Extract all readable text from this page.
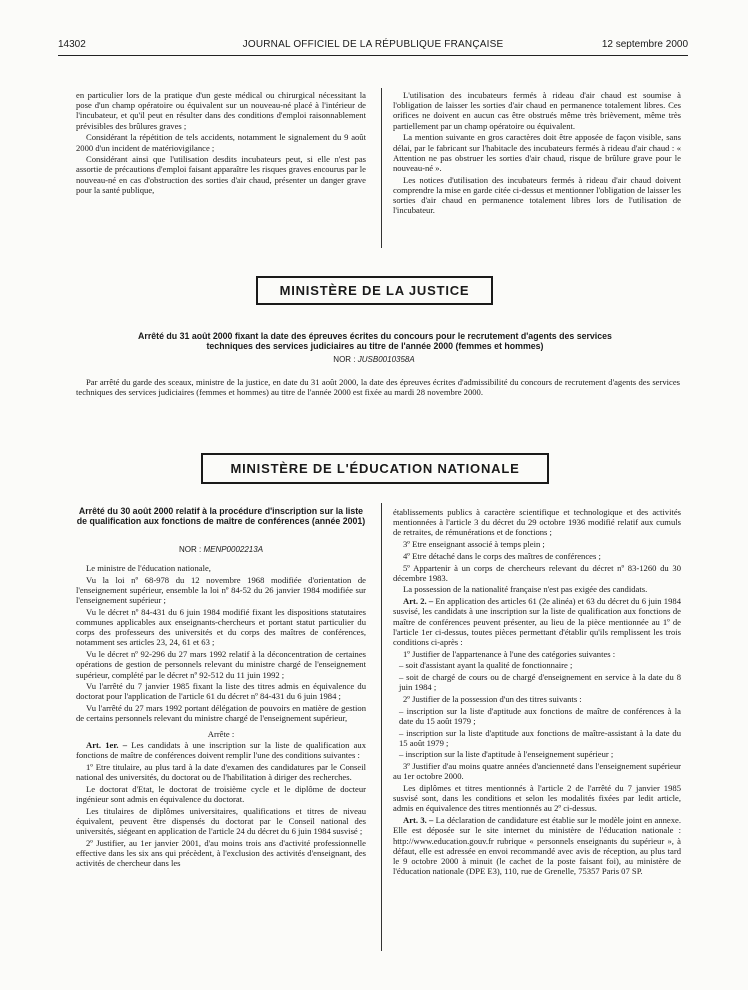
14302	JOURNAL OFFICIEL DE LA RÉPUBLIQUE FRANÇAISE	12 septembre 2000

en particulier lors de la pratique d'un geste médical ou chirurgical nécessitant la pose d'un champ opératoire ou équivalent sur un nouveau-né placé à l'intérieur de l'incubateur, et qu'il peut en résulter dans des conditions d'emploi raisonnablement prévisibles des brûlures graves ;

Considérant la répétition de tels accidents, notamment le signalement du 9 août 2000 d'un incident de matériovigilance ;

Considérant ainsi que l'utilisation desdits incubateurs peut, si elle n'est pas assortie de précautions d'emploi faisant apparaître les risques graves encourus par le nouveau-né en cas d'obstruction des sorties d'air chaud, présenter un danger grave pour la santé publique,

L'utilisation des incubateurs fermés à rideau d'air chaud est soumise à l'obligation de laisser les sorties d'air chaud en permanence totalement libres. Ces orifices ne doivent en aucun cas être obstrués même très brièvement, même très partiellement par un champ opératoire ou équivalent.

La mention suivante en gros caractères doit être apposée de façon visible, sans délai, par le fabricant sur l'habitacle des incubateurs fermés à rideau d'air chaud : « Attention ne pas obstruer les sorties d'air chaud, risque de brûlure grave pour le nouveau-né ».

Les notices d'utilisation des incubateurs fermés à rideau d'air chaud doivent comprendre la mise en garde citée ci-dessus et mentionner l'obligation de laisser les sorties d'air chaud en permanence totalement libres lors de l'utilisation de l'incubateur.

MINISTÈRE DE LA JUSTICE
Arrêté du 31 août 2000 fixant la date des épreuves écrites du concours pour le recrutement d'agents des services techniques des services judiciaires au titre de l'année 2000 (femmes et hommes)
NOR : JUSB0010358A
Par arrêté du garde des sceaux, ministre de la justice, en date du 31 août 2000, la date des épreuves écrites d'admissibilité du concours de recrutement d'agents des services techniques des services judiciaires (femmes et hommes) au titre de l'année 2000 est fixée au mardi 28 novembre 2000.
MINISTÈRE DE L'ÉDUCATION NATIONALE
Arrêté du 30 août 2000 relatif à la procédure d'inscription sur la liste de qualification aux fonctions de maître de conférences (année 2001)
NOR : MENP0002213A

Le ministre de l'éducation nationale,

Vu la loi nº 68-978 du 12 novembre 1968 modifiée d'orientation de l'enseignement supérieur, ensemble la loi nº 84-52 du 26 janvier 1984 modifiée sur l'enseignement supérieur ;

Vu le décret nº 84-431 du 6 juin 1984 modifié fixant les dispositions statutaires communes applicables aux enseignants-chercheurs et portant statut particulier du corps des professeurs des universités et du corps des maîtres de conférences, notamment ses articles 23, 24, 61 et 63 ;

Vu le décret nº 92-296 du 27 mars 1992 relatif à la déconcentration de certaines opérations de gestion de personnels relevant du ministre chargé de l'enseignement supérieur, complété par le décret nº 92-512 du 11 juin 1992 ;

Vu l'arrêté du 7 janvier 1985 fixant la liste des titres admis en équivalence du doctorat pour l'application de l'article 61 du décret nº 84-431 du 6 juin 1984 ;

Vu l'arrêté du 27 mars 1992 portant délégation de pouvoirs en matière de gestion de certains personnels relevant du ministre chargé de l'enseignement supérieur,

Arrête :

Art. 1er. – Les candidats à une inscription sur la liste de qualification aux fonctions de maître de conférences doivent remplir l'une des conditions suivantes :

1º Etre titulaire, au plus tard à la date d'examen des candidatures par le Conseil national des universités, du doctorat ou de l'habilitation à diriger des recherches.

Le doctorat d'Etat, le doctorat de troisième cycle et le diplôme de docteur ingénieur sont admis en équivalence du doctorat.

Les titulaires de diplômes universitaires, qualifications et titres de niveau équivalent, peuvent être dispensés du doctorat par le Conseil national des universités, siégeant en application de l'article 24 du décret du 6 juin 1984 susvisé ;

2º Justifier, au 1er janvier 2001, d'au moins trois ans d'activité professionnelle effective dans les six ans qui précèdent, à l'exclusion des activités d'enseignant, des activités de chercheur dans les

établissements publics à caractère scientifique et technologique et des activités mentionnées à l'article 3 du décret du 29 octobre 1936 modifié relatif aux cumuls de retraites, de rémunérations et de fonctions ;

3º Etre enseignant associé à temps plein ;

4º Etre détaché dans le corps des maîtres de conférences ;

5º Appartenir à un corps de chercheurs relevant du décret nº 83-1260 du 30 décembre 1983.

La possession de la nationalité française n'est pas exigée des candidats.

Art. 2. – En application des articles 61 (2e alinéa) et 63 du décret du 6 juin 1984 susvisé, les candidats à une inscription sur la liste de qualification aux fonctions de maître de conférences peuvent présenter, au lieu de la pièce mentionnée au 1º de l'article 1er ci-dessus, toutes pièces permettant d'établir qu'ils remplissent les trois conditions ci-après :

1º Justifier de l'appartenance à l'une des catégories suivantes :

– soit d'assistant ayant la qualité de fonctionnaire ;

– soit de chargé de cours ou de chargé d'enseignement en service à la date du 8 juin 1984 ;

2º Justifier de la possession d'un des titres suivants :

– inscription sur la liste d'aptitude aux fonctions de maître de conférences à la date du 15 août 1979 ;

– inscription sur la liste d'aptitude aux fonctions de maître-assistant à la date du 15 août 1979 ;

– inscription sur la liste d'aptitude à l'enseignement supérieur ;

3º Justifier d'au moins quatre années d'ancienneté dans l'enseignement supérieur au 1er octobre 2000.

Les diplômes et titres mentionnés à l'article 2 de l'arrêté du 7 janvier 1985 susvisé sont, dans les conditions et selon les modalités fixées par ledit article, admis en équivalence des titres mentionnés au 2º ci-dessus.

Art. 3. – La déclaration de candidature est établie sur le modèle joint en annexe. Elle est déposée sur le site internet du ministère de l'éducation nationale : http://www.education.gouv.fr rubrique « personnels enseignants du supérieur », à défaut, elle est adressée en envoi recommandé avec avis de réception, au plus tard le 9 octobre 2000 à minuit (le cachet de la poste faisant foi), au ministère de l'éducation nationale (DPE E3), 110, rue de Grenelle, 75357 Paris 07 SP.
